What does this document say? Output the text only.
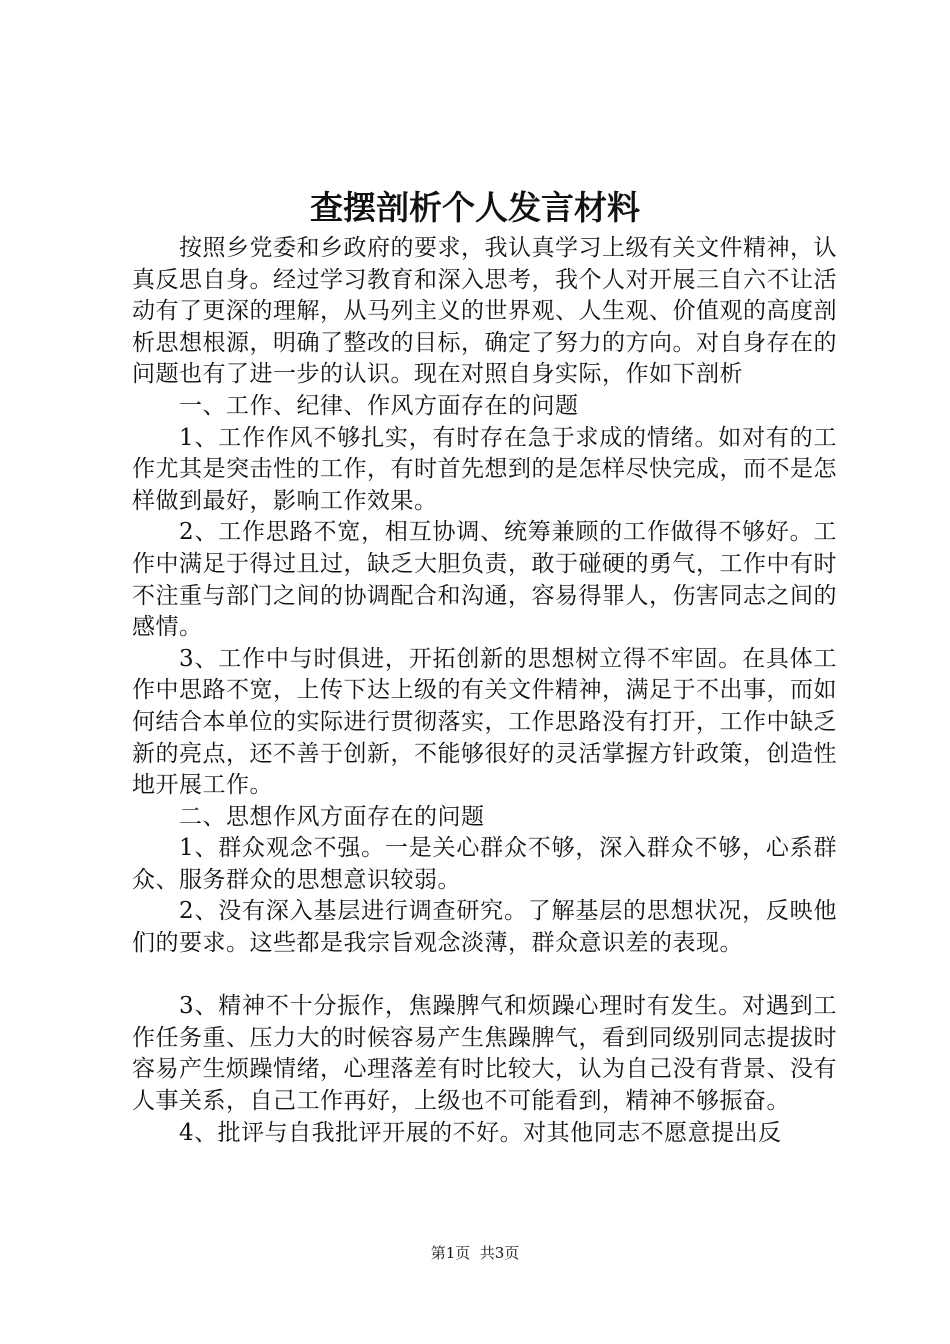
查摆剖析个人发言材料

按照乡党委和乡政府的要求，我认真学习上级有关文件精神，认真反思自身。经过学习教育和深入思考，我个人对开展三自六不让活动有了更深的理解，从马列主义的世界观、人生观、价值观的高度剖析思想根源，明确了整改的目标，确定了努力的方向。对自身存在的问题也有了进一步的认识。现在对照自身实际，作如下剖析

一、工作、纪律、作风方面存在的问题

1、工作作风不够扎实，有时存在急于求成的情绪。如对有的工作尤其是突击性的工作，有时首先想到的是怎样尽快完成，而不是怎样做到最好，影响工作效果。

2、工作思路不宽，相互协调、统筹兼顾的工作做得不够好。工作中满足于得过且过，缺乏大胆负责，敢于碰硬的勇气，工作中有时不注重与部门之间的协调配合和沟通，容易得罪人，伤害同志之间的感情。

3、工作中与时俱进，开拓创新的思想树立得不牢固。在具体工作中思路不宽，上传下达上级的有关文件精神，满足于不出事，而如何结合本单位的实际进行贯彻落实，工作思路没有打开，工作中缺乏新的亮点，还不善于创新，不能够很好的灵活掌握方针政策，创造性地开展工作。

二、思想作风方面存在的问题

1、群众观念不强。一是关心群众不够，深入群众不够，心系群众、服务群众的思想意识较弱。

2、没有深入基层进行调查研究。了解基层的思想状况，反映他们的要求。这些都是我宗旨观念淡薄，群众意识差的表现。

3、精神不十分振作，焦躁脾气和烦躁心理时有发生。对遇到工作任务重、压力大的时候容易产生焦躁脾气，看到同级别同志提拔时容易产生烦躁情绪，心理落差有时比较大，认为自己没有背景、没有人事关系，自己工作再好，上级也不可能看到，精神不够振奋。

4、批评与自我批评开展的不好。对其他同志不愿意提出反

第1页  共3页
